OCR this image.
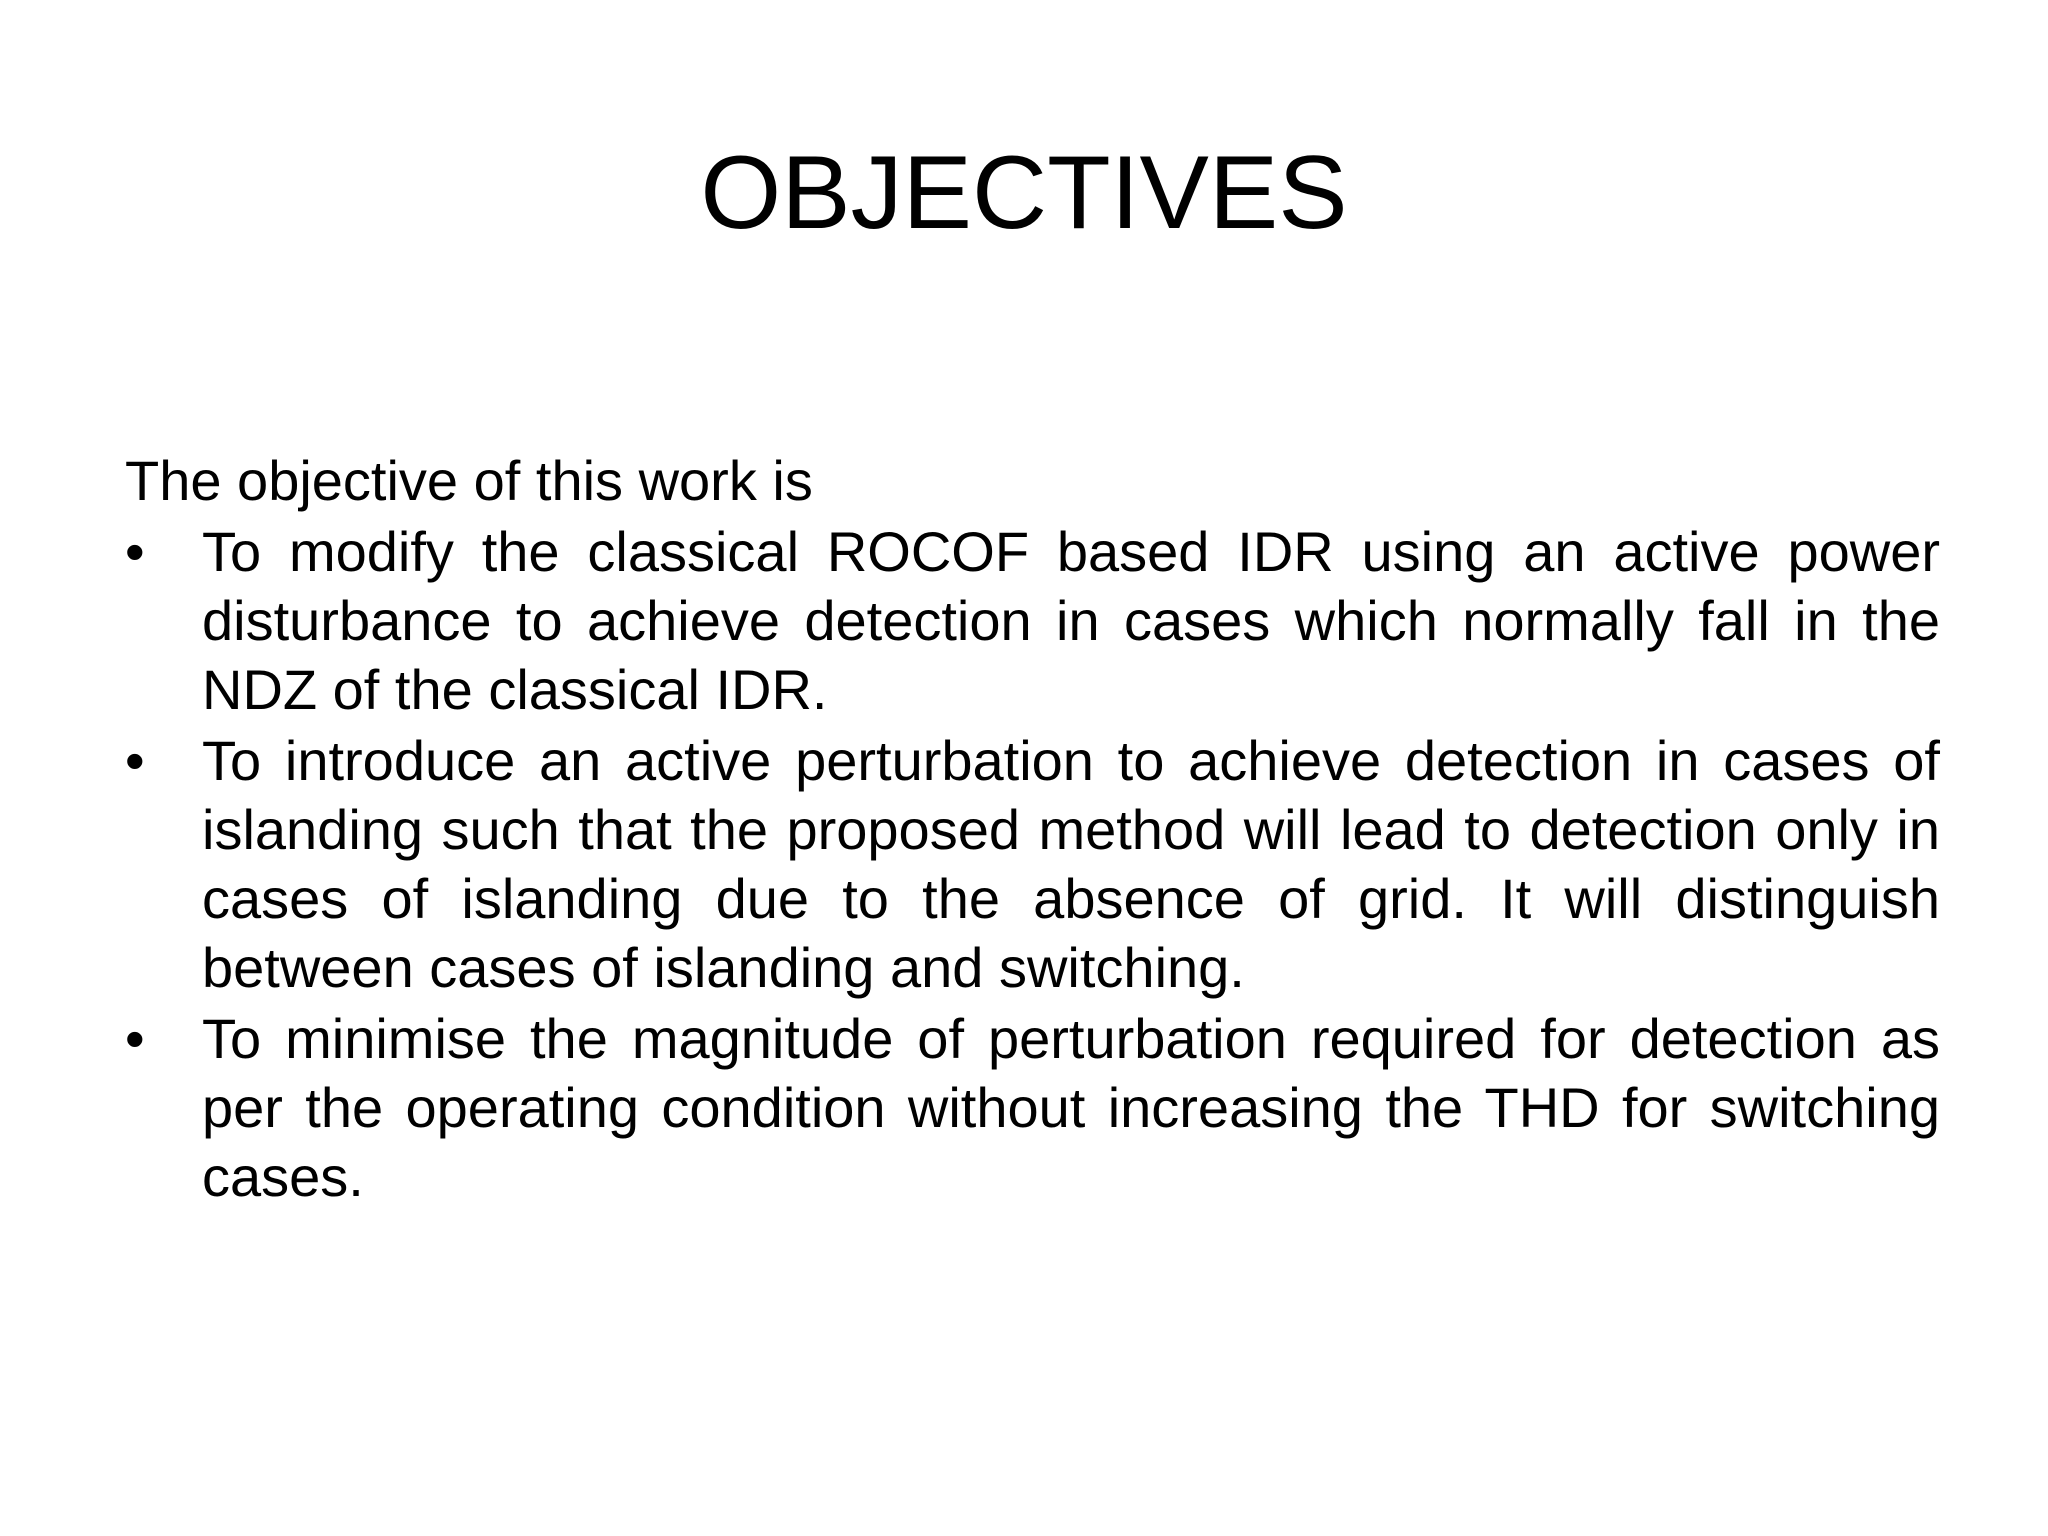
OBJECTIVES

The objective of this work is

•	To modify the classical ROCOF based IDR using an active power disturbance to achieve detection in cases which normally fall in the NDZ of the classical IDR.
•	To introduce an active perturbation to achieve detection in cases of islanding such that the proposed method will lead to detection only in cases of islanding due to the absence of grid. It will distinguish between cases of islanding and switching.
•	To minimise the magnitude of perturbation required for detection as per the operating condition without increasing the THD for switching cases.
